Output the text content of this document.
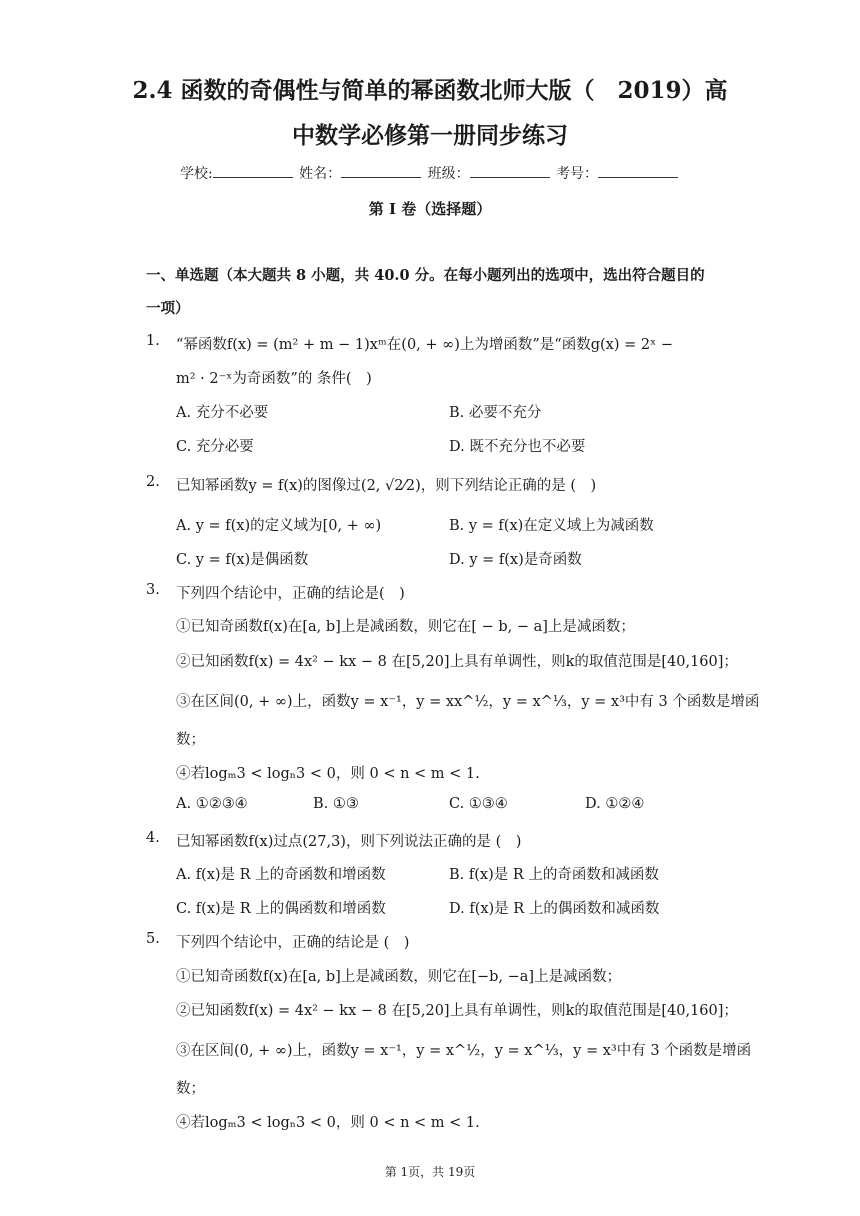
2.4 函数的奇偶性与简单的幂函数北师大版（　2019）高
中数学必修第一册同步练习
学校:	姓名：	班级：	考号：
第 I 卷（选择题）
一、单选题（本大题共 8 小题，共 40.0 分。在每小题列出的选项中，选出符合题目的
一项）
1. “幂函数f(x) = (m² + m − 1)xᵐ在(0, + ∞)上为增函数”是“函数g(x) = 2ˣ −
m² · 2⁻ˣ为奇函数”的 条件(　)
A. 充分不必要	B. 必要不充分
C. 充分必要	D. 既不充分也不必要
2. 已知幂函数y = f(x)的图像过(2, √2⁄2)，则下列结论正确的是 (　)
A. y = f(x)的定义域为[0, + ∞)	B. y = f(x)在定义域上为减函数
C. y = f(x)是偶函数	D. y = f(x)是奇函数
3. 下列四个结论中，正确的结论是(　)
①已知奇函数f(x)在[a, b]上是减函数，则它在[ − b, − a]上是减函数；
②已知函数f(x) = 4x² − kx − 8 在[5,20]上具有单调性，则k的取值范围是[40,160]；
③在区间(0, + ∞)上，函数y = x⁻¹，y = xx^½，y = x^⅓，y = x³中有 3 个函数是增函
数；
④若logₘ3 < logₙ3 < 0，则 0 < n < m < 1.
A. ①②③④	B. ①③	C. ①③④	D. ①②④
4. 已知幂函数f(x)过点(27,3)，则下列说法正确的是 (　)
A. f(x)是 R 上的奇函数和增函数	B. f(x)是 R 上的奇函数和减函数
C. f(x)是 R 上的偶函数和增函数	D. f(x)是 R 上的偶函数和减函数
5. 下列四个结论中，正确的结论是 (　)
①已知奇函数f(x)在[a, b]上是减函数，则它在[−b, −a]上是减函数；
②已知函数f(x) = 4x² − kx − 8 在[5,20]上具有单调性，则k的取值范围是[40,160]；
③在区间(0, + ∞)上，函数y = x⁻¹，y = x^½，y = x^⅓，y = x³中有 3 个函数是增函
数；
④若logₘ3 < logₙ3 < 0，则 0 < n < m < 1.
第 1页，共 19页
